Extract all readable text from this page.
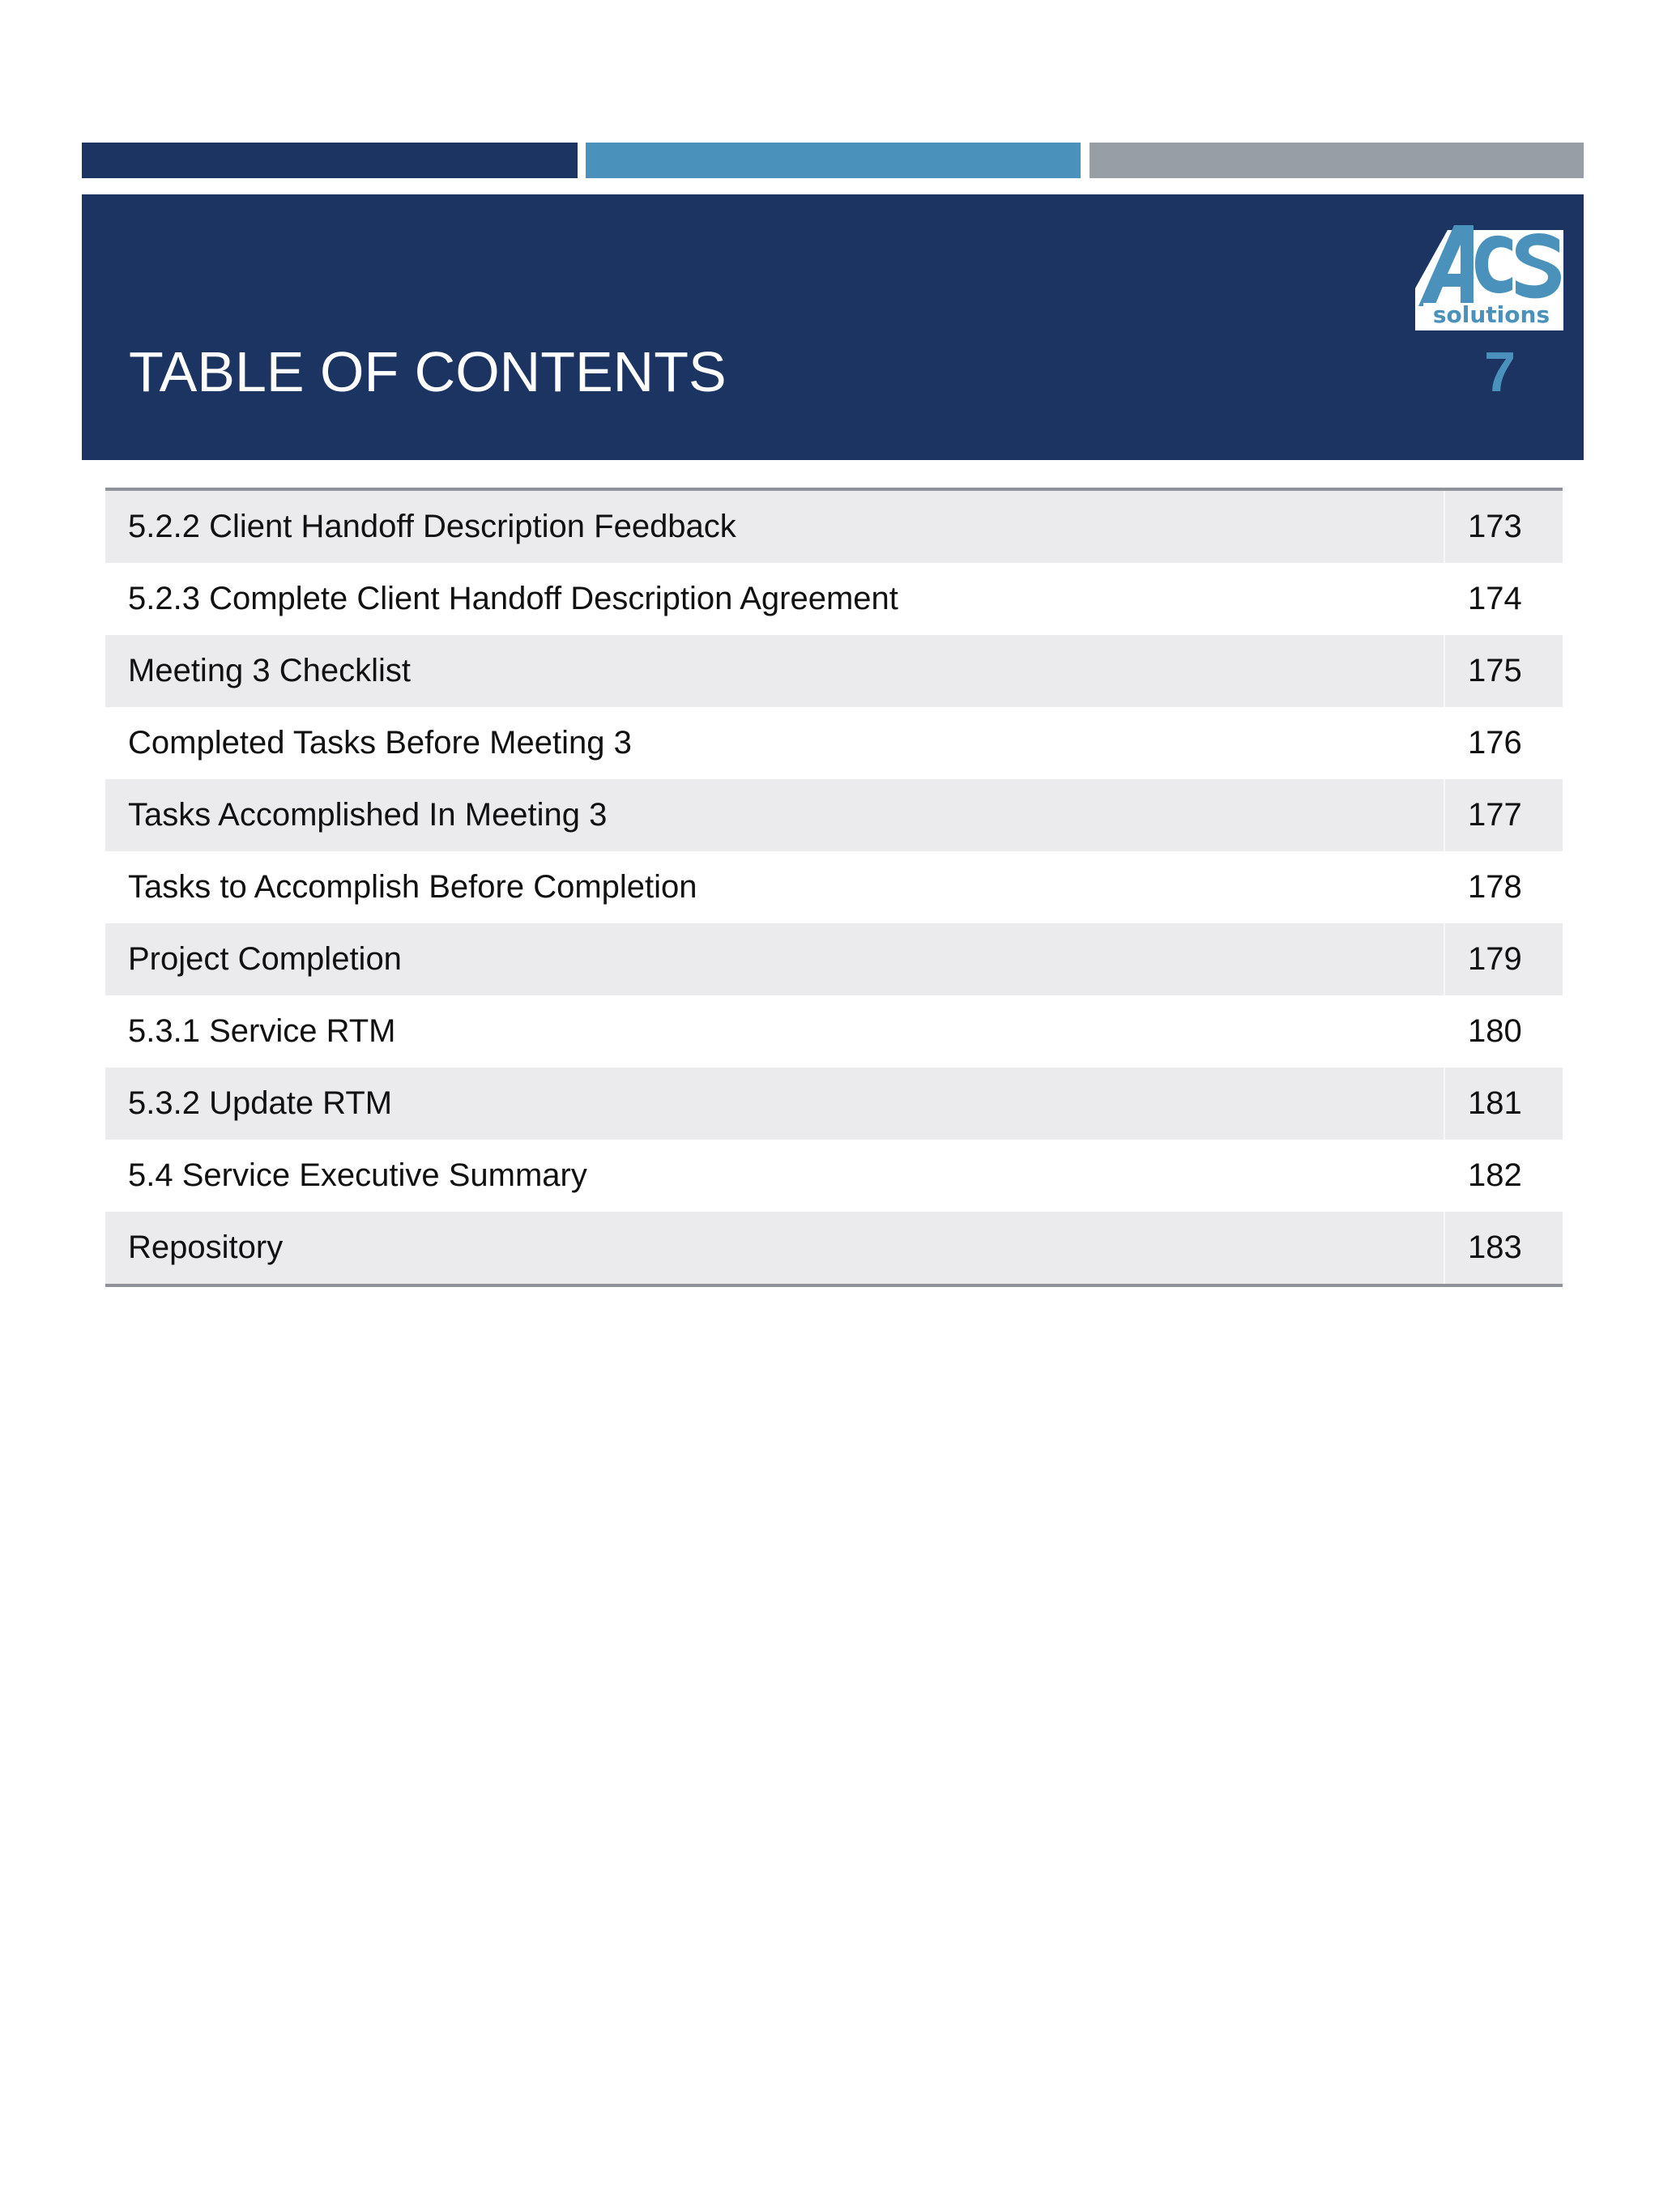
solutions
TABLE OF CONTENTS	7
5.2.2 Client Handoff Description Feedback	173
5.2.3 Complete Client Handoff Description Agreement	174
Meeting 3 Checklist	175
Completed Tasks Before Meeting 3	176
Tasks Accomplished In Meeting 3	177
Tasks to Accomplish Before Completion	178
Project Completion	179
5.3.1 Service RTM	180
5.3.2 Update RTM	181
5.4 Service Executive Summary	182
Repository	183
